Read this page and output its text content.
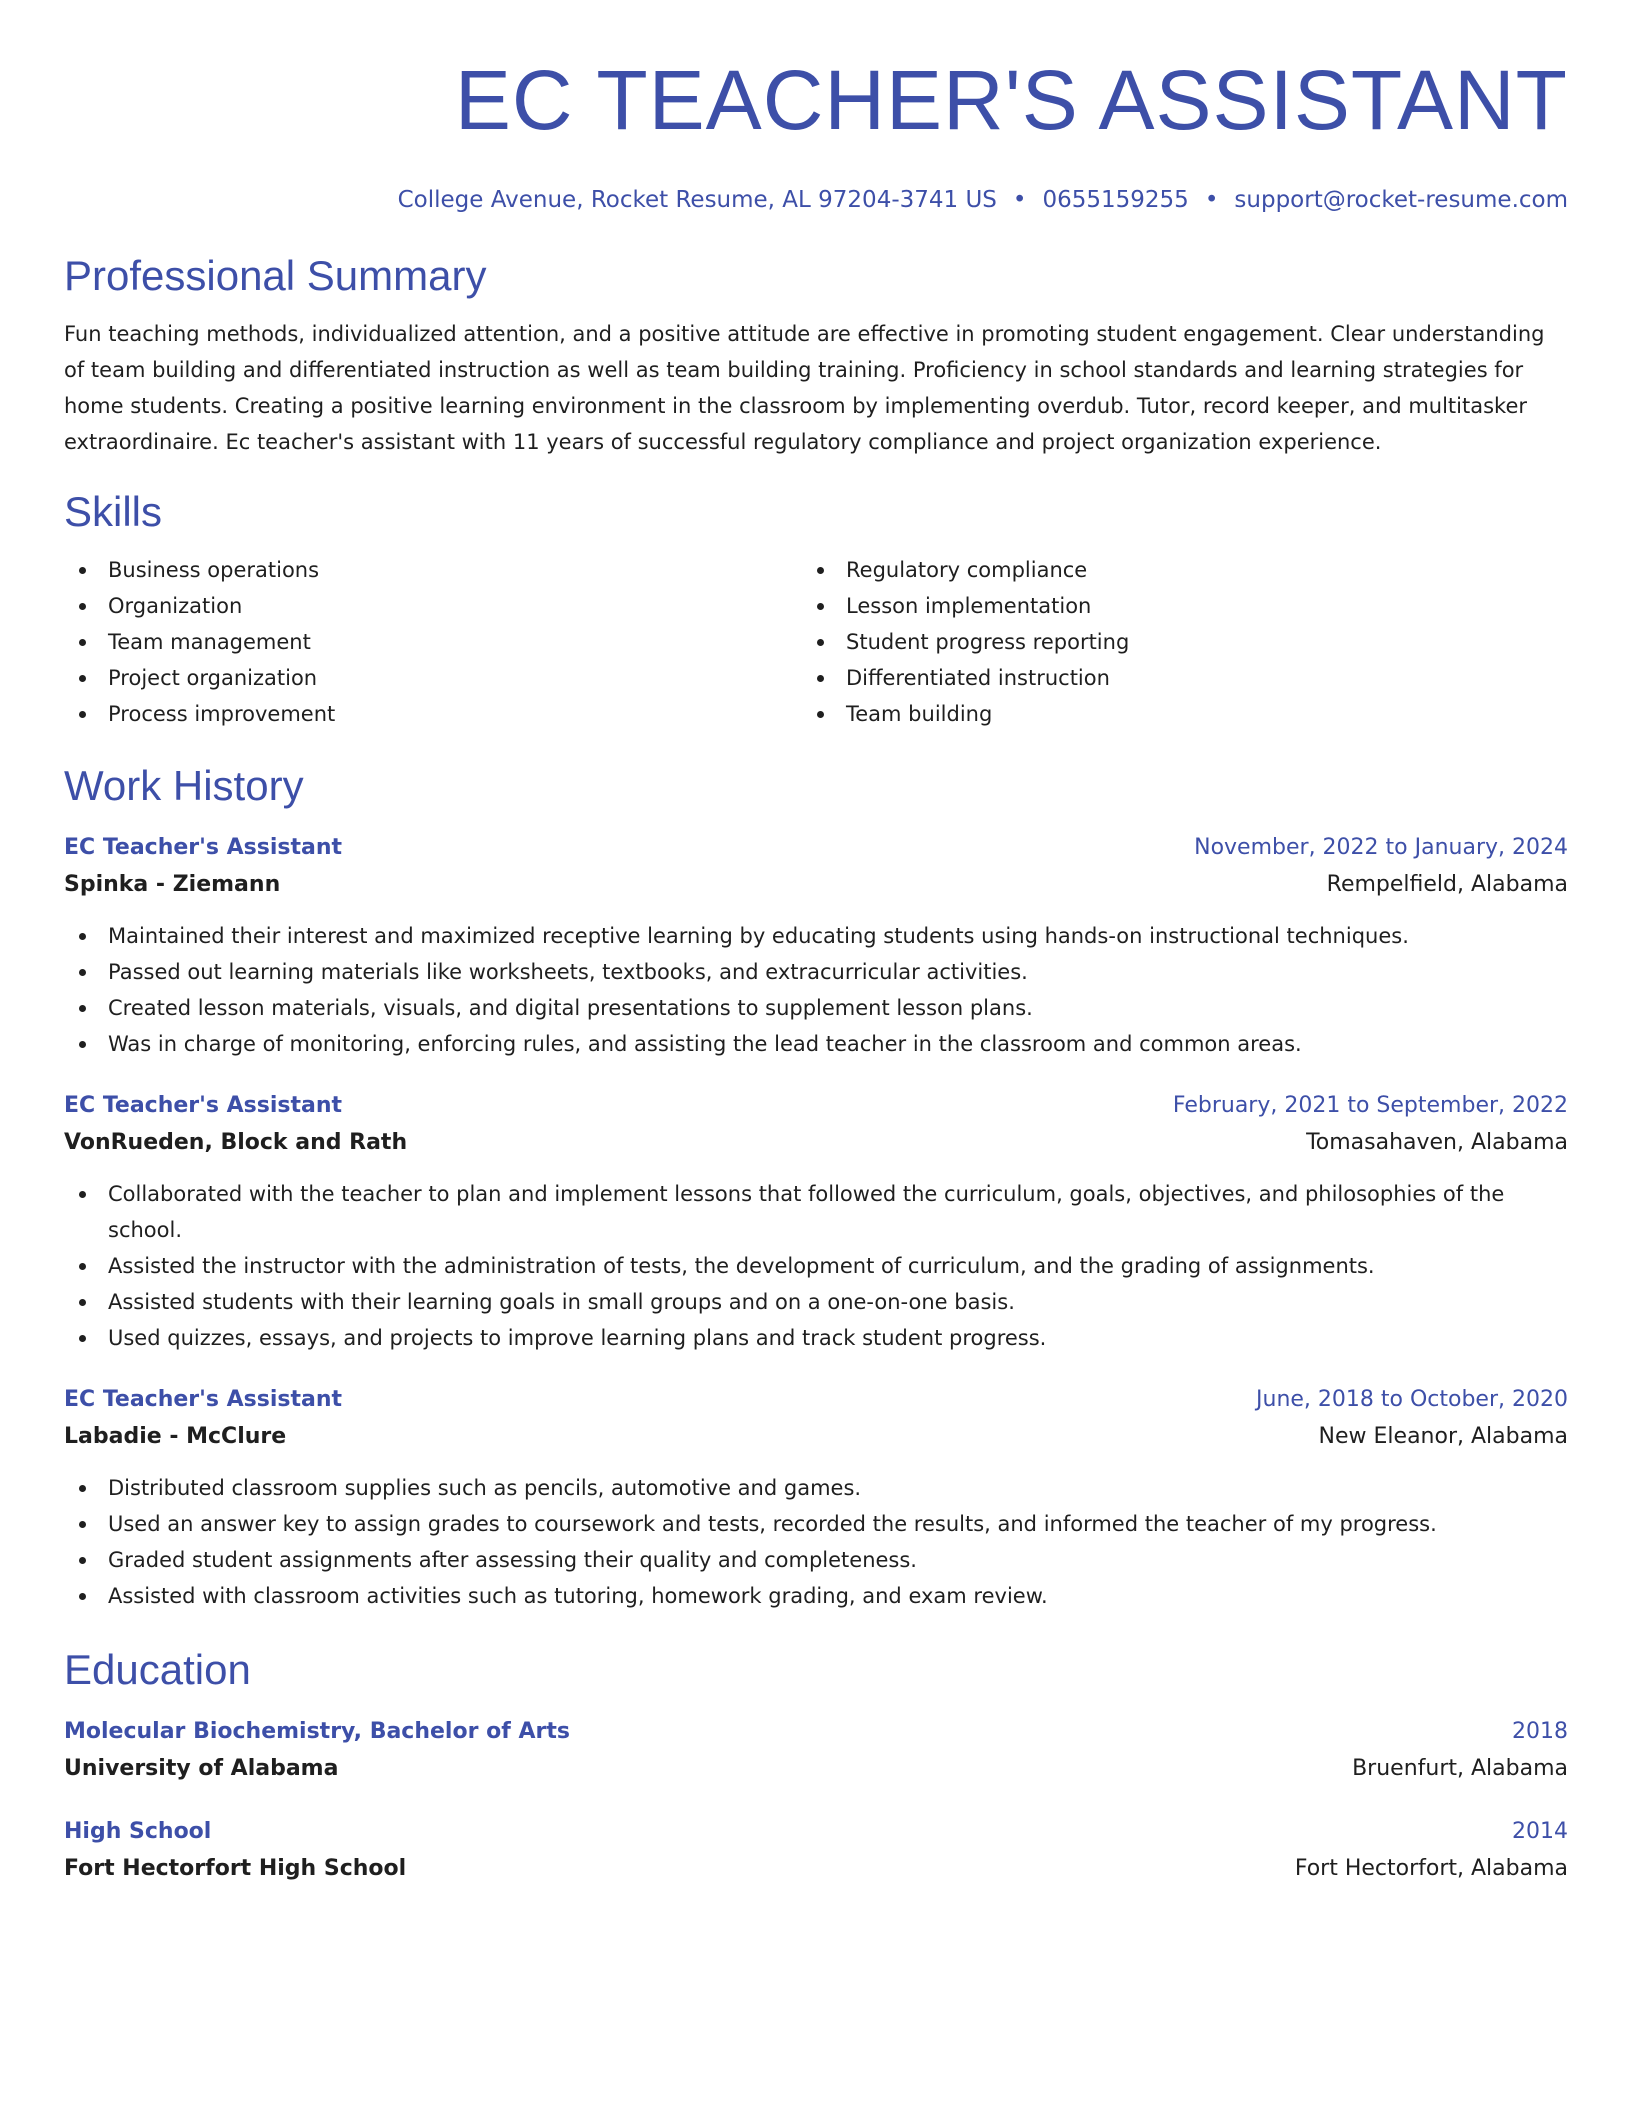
EC TEACHER'S ASSISTANT
College Avenue, Rocket Resume, AL 97204-3741 US • 0655159255 • support@rocket-resume.com
Professional Summary
Fun teaching methods, individualized attention, and a positive attitude are effective in promoting student engagement. Clear understanding of team building and differentiated instruction as well as team building training. Proficiency in school standards and learning strategies for home students. Creating a positive learning environment in the classroom by implementing overdub. Tutor, record keeper, and multitasker extraordinaire. Ec teacher's assistant with 11 years of successful regulatory compliance and project organization experience.
Skills
Business operations
Organization
Team management
Project organization
Process improvement
Regulatory compliance
Lesson implementation
Student progress reporting
Differentiated instruction
Team building
Work History
EC Teacher's Assistant	November, 2022 to January, 2024
Spinka - Ziemann	Rempelfield, Alabama
Maintained their interest and maximized receptive learning by educating students using hands-on instructional techniques.
Passed out learning materials like worksheets, textbooks, and extracurricular activities.
Created lesson materials, visuals, and digital presentations to supplement lesson plans.
Was in charge of monitoring, enforcing rules, and assisting the lead teacher in the classroom and common areas.
EC Teacher's Assistant	February, 2021 to September, 2022
VonRueden, Block and Rath	Tomasahaven, Alabama
Collaborated with the teacher to plan and implement lessons that followed the curriculum, goals, objectives, and philosophies of the school.
Assisted the instructor with the administration of tests, the development of curriculum, and the grading of assignments.
Assisted students with their learning goals in small groups and on a one-on-one basis.
Used quizzes, essays, and projects to improve learning plans and track student progress.
EC Teacher's Assistant	June, 2018 to October, 2020
Labadie - McClure	New Eleanor, Alabama
Distributed classroom supplies such as pencils, automotive and games.
Used an answer key to assign grades to coursework and tests, recorded the results, and informed the teacher of my progress.
Graded student assignments after assessing their quality and completeness.
Assisted with classroom activities such as tutoring, homework grading, and exam review.
Education
Molecular Biochemistry, Bachelor of Arts	2018
University of Alabama	Bruenfurt, Alabama
High School	2014
Fort Hectorfort High School	Fort Hectorfort, Alabama
